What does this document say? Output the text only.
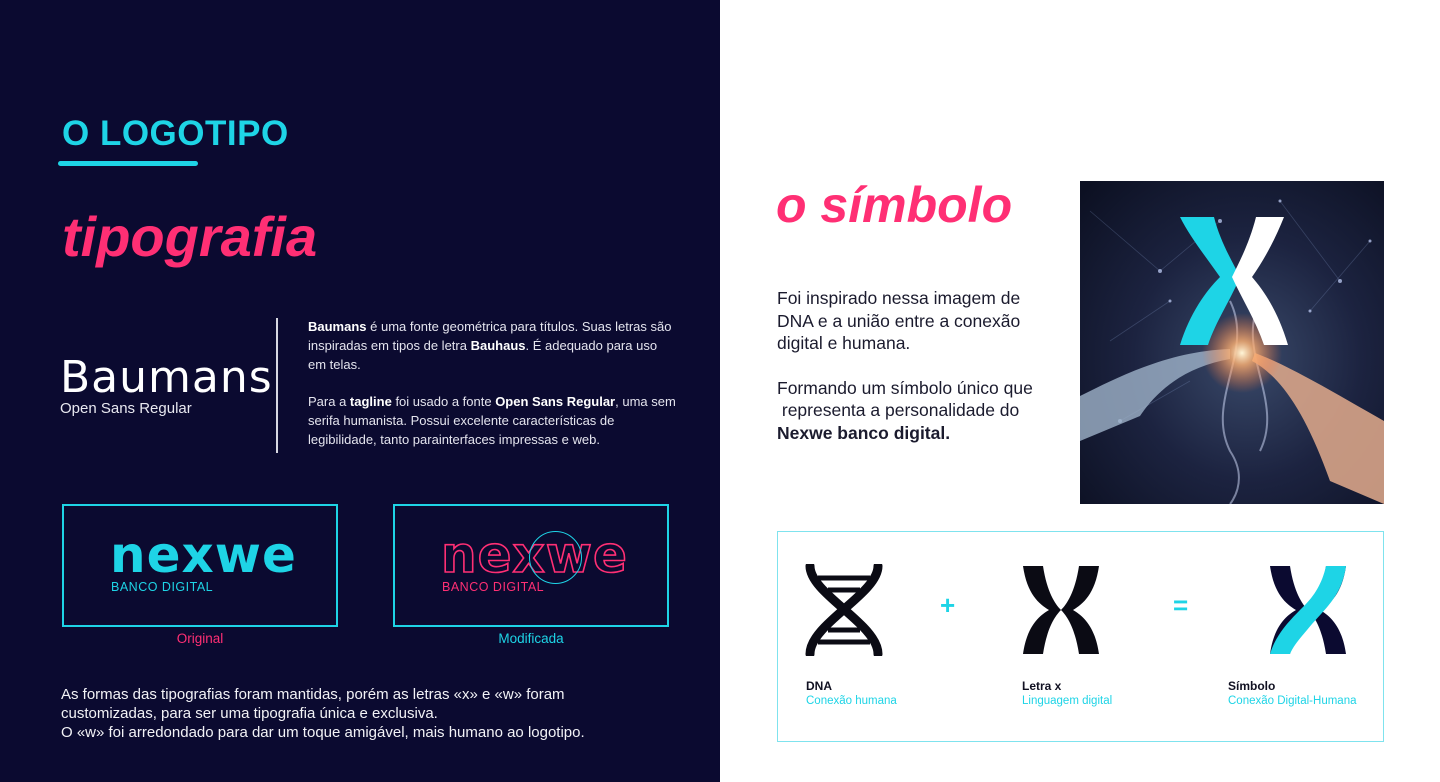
O LOGOTIPO
tipografia
Baumans
Open Sans Regular
Baumans é uma fonte geométrica para títulos. Suas letras são inspiradas em tipos de letra Bauhaus. É adequado para uso em telas.
Para a tagline foi usado a fonte Open Sans Regular, uma sem serifa humanista. Possui excelente características de legibilidade, tanto parainterfaces impressas e web.
nexwe
BANCO DIGITAL
nexwe
BANCO DIGITAL
Original	Modificada
As formas das tipografias foram mantidas, porém as letras «x» e «w» foram
customizadas, para ser uma tipografia única e exclusiva.
O «w» foi arredondado para dar um toque amigável, mais humano ao logotipo.
o símbolo

Foi inspirado nessa imagem de
DNA e a união entre a conexão
digital e humana.

Formando um símbolo único que
representa a personalidade do
Nexwe banco digital.

+	=
DNA
Conexão humana
Letra x
Linguagem digital
Símbolo
Conexão Digital-Humana
